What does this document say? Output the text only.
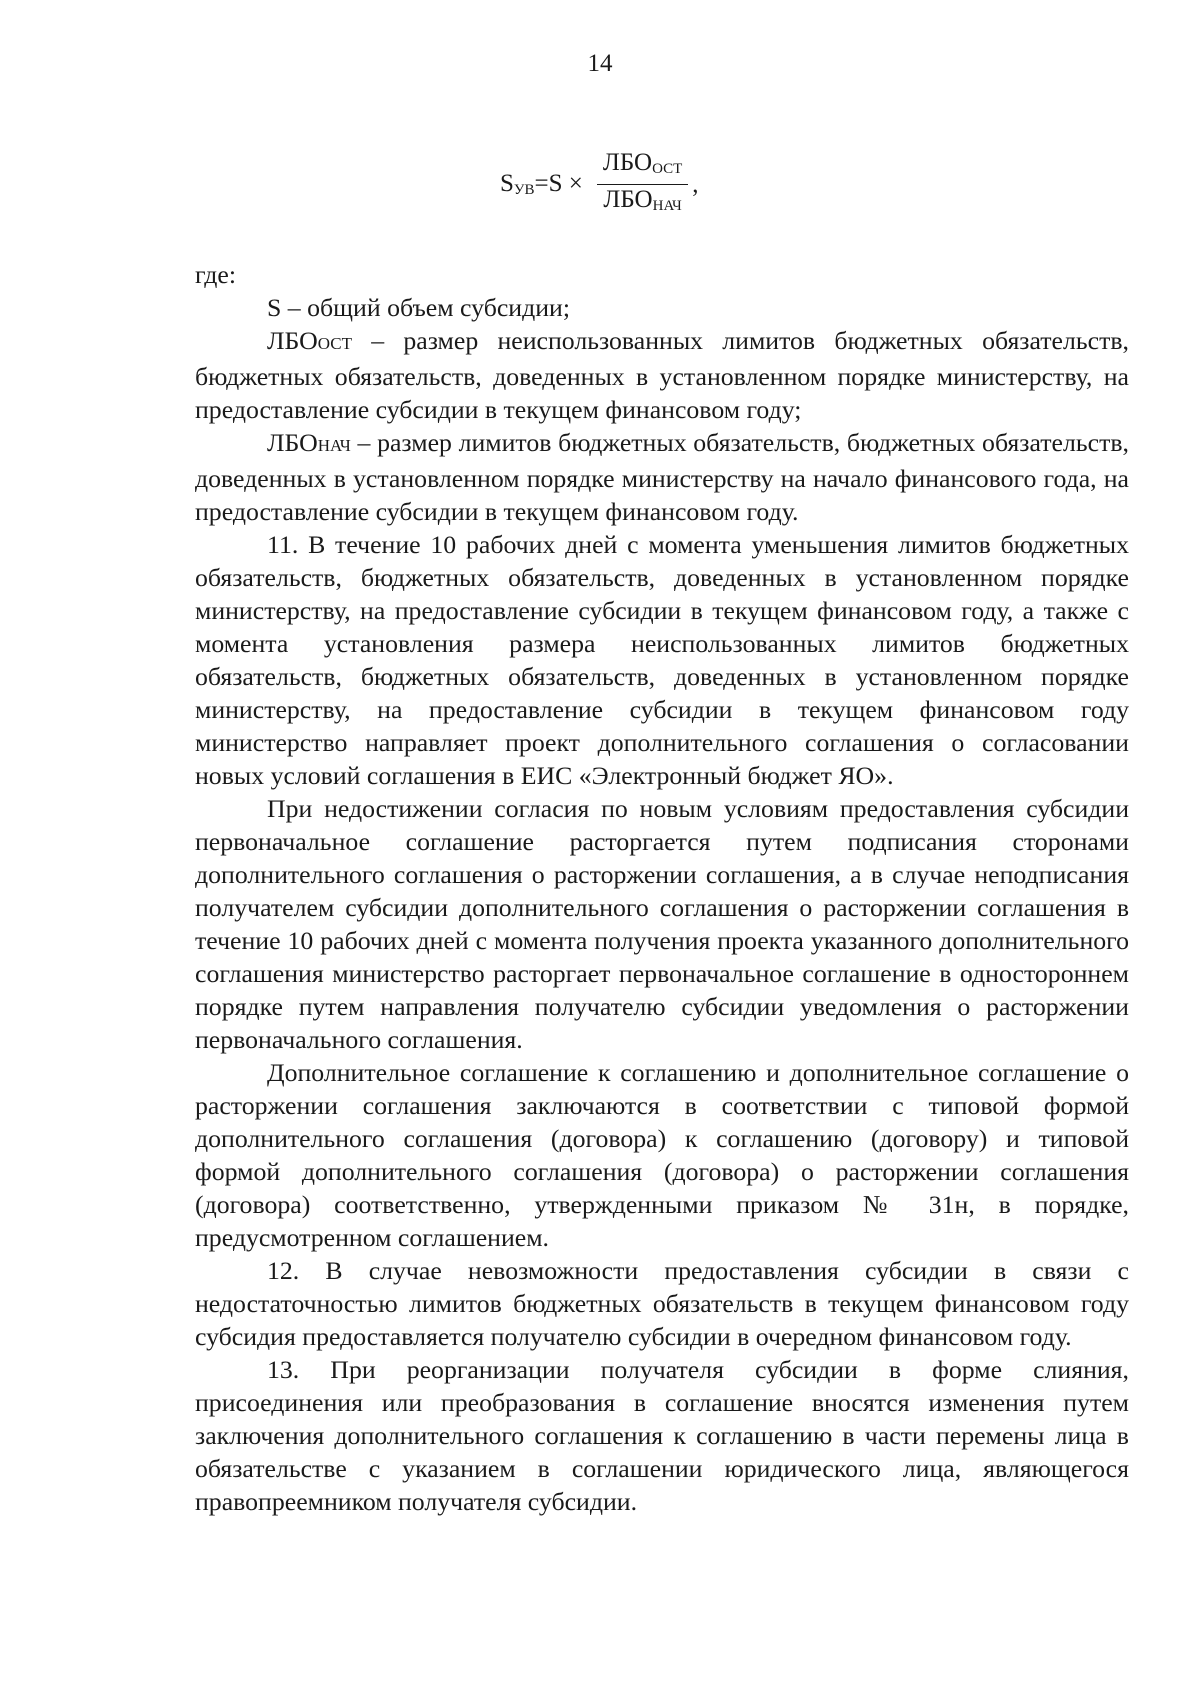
14
$S_{УВ}=S \times \frac{ЛБО_{ОСТ}}{ЛБО_{НАЧ}}$ ,

где:

S – общий объем субсидии;

ЛБООСТ – размер неиспользованных лимитов бюджетных обязательств, бюджетных обязательств, доведенных в установленном порядке министерству, на предоставление субсидии в текущем финансовом году;

ЛБОНАЧ – размер лимитов бюджетных обязательств, бюджетных обязательств, доведенных в установленном порядке министерству на начало финансового года, на предоставление субсидии в текущем финансовом году.

11. В течение 10 рабочих дней с момента уменьшения лимитов бюджетных обязательств, бюджетных обязательств, доведенных в установленном порядке министерству, на предоставление субсидии в текущем финансовом году, а также с момента установления размера неиспользованных лимитов бюджетных обязательств, бюджетных обязательств, доведенных в установленном порядке министерству, на предоставление субсидии в текущем финансовом году министерство направляет проект дополнительного соглашения о согласовании новых условий соглашения в ЕИС «Электронный бюджет ЯО».

При недостижении согласия по новым условиям предоставления субсидии первоначальное соглашение расторгается путем подписания сторонами дополнительного соглашения о расторжении соглашения, а в случае неподписания получателем субсидии дополнительного соглашения о расторжении соглашения в течение 10 рабочих дней с момента получения проекта указанного дополнительного соглашения министерство расторгает первоначальное соглашение в одностороннем порядке путем направления получателю субсидии уведомления о расторжении первоначального соглашения.

Дополнительное соглашение к соглашению и дополнительное соглашение о расторжении соглашения заключаются в соответствии с типовой формой дополнительного соглашения (договора) к соглашению (договору) и типовой формой дополнительного соглашения (договора) о расторжении соглашения (договора) соответственно, утвержденными приказом № 31н, в порядке, предусмотренном соглашением.

12. В случае невозможности предоставления субсидии в связи с недостаточностью лимитов бюджетных обязательств в текущем финансовом году субсидия предоставляется получателю субсидии в очередном финансовом году.

13. При реорганизации получателя субсидии в форме слияния, присоединения или преобразования в соглашение вносятся изменения путем заключения дополнительного соглашения к соглашению в части перемены лица в обязательстве с указанием в соглашении юридического лица, являющегося правопреемником получателя субсидии.
